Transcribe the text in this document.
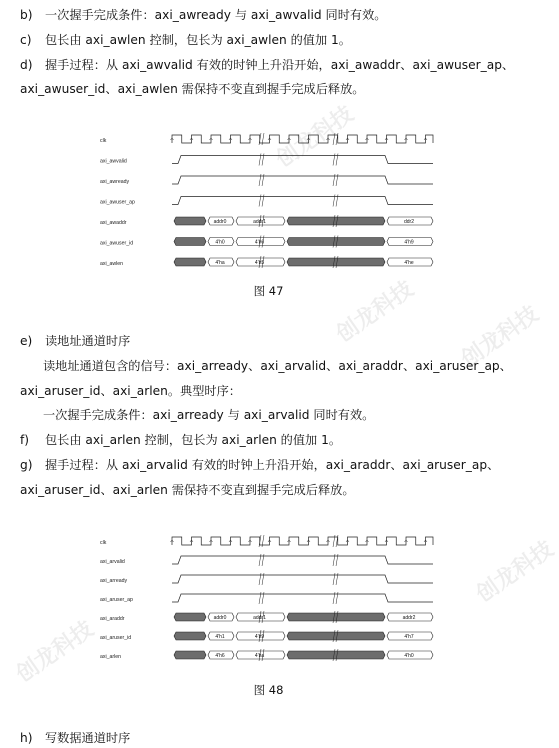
创龙科技
创龙科技
创龙科技
创龙科技
创龙科技
b) 一次握手完成条件：axi_awready 与 axi_awvalid 同时有效。
c) 包长由 axi_awlen 控制，包长为 axi_awlen 的值加 1。
d) 握手过程：从 axi_awvalid 有效的时钟上升沿开始，axi_awaddr、axi_awuser_ap、
axi_awuser_id、axi_awlen 需保持不变直到握手完成后释放。
clk
axi_awvalid
axi_awready
axi_awuser_ap
axi_awaddr	addr0	addr1	ddr2
axi_awuser_id	4'h0	4'h6	4'h9
axi_awlen	4'ha	4'h5	4'he
图 47
e) 读地址通道时序
读地址通道包含的信号：axi_arready、axi_arvalid、axi_araddr、axi_aruser_ap、
axi_aruser_id、axi_arlen。典型时序：
一次握手完成条件：axi_arready 与 axi_arvalid 同时有效。
f) 包长由 axi_arlen 控制，包长为 axi_arlen 的值加 1。
g) 握手过程：从 axi_arvalid 有效的时钟上升沿开始，axi_araddr、axi_aruser_ap、
axi_aruser_id、axi_arlen 需保持不变直到握手完成后释放。
clk
axi_arvalid
axi_arready
axi_aruser_ap
axi_araddr	addr0	addr1	addr2
axi_aruser_id	4'h1	4'h9	4'h7
axi_arlen	4'h6	4'ha	4'h0
图 48
h) 写数据通道时序
